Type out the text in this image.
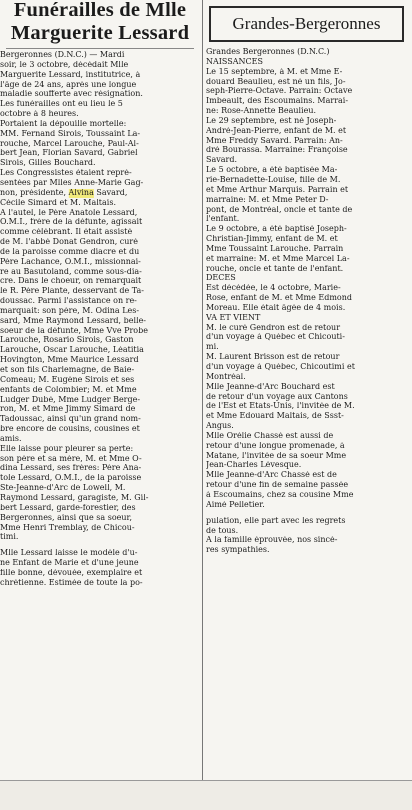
Funérailles de Mlle
Marguerite Lessard
Bergeronnes (D.N.C.) — Mardi
soir, le 3 octobre, décédait Mlle
Marguerite Lessard, institutrice, à
l'âge de 24 ans, après une longue
maladie soufferte avec résignation.
Les funérailles ont eu lieu le 5
octobre à 8 heures.
Portaient la dépouille mortelle:
MM. Fernand Sirois, Toussaint La-
rouche, Marcel Larouche, Paul-Al-
bert Jean, Florian Savard, Gabriel
Sirois, Gilles Bouchard.
Les Congressistes étaient repré-
sentées par Mlles Anne-Marie Gag-
non, présidente, Alvina Savard,
Cécile Simard et M. Maltais.
A l'autel, le Père Anatole Lessard,
O.M.I., frère de la défunte, agissait
comme célébrant. Il était assisté
de M. l'abbé Donat Gendron, curé
de la paroisse comme diacre et du
Père Lachance, O.M.I., missionnai-
re au Basutoland, comme sous-dia-
cre. Dans le choeur, on remarquait
le R. Père Plante, desservant de Ta-
doussac. Parmi l'assistance on re-
marquait: son père, M. Odina Les-
sard, Mme Raymond Lessard, belle-
soeur de la défunte, Mme Vve Probe
Larouche, Rosario Sirois, Gaston
Larouche, Oscar Larouche, Léatitia
Hovington, Mme Maurice Lessard
et son fils Charlemagne, de Baie-
Comeau; M. Eugène Sirois et ses
enfants de Colombier; M. et Mme
Ludger Dubé, Mme Ludger Berge-
ron, M. et Mme Jimmy Simard de
Tadoussac, ainsi qu'un grand nom-
bre encore de cousins, cousines et
amis.
Elle laisse pour pleurer sa perte:
son père et sa mère, M. et Mme O-
dina Lessard, ses frères: Père Ana-
tole Lessard, O.M.I., de la paroisse
Ste-Jeanne-d'Arc de Lowell, M.
Raymond Lessard, garagiste, M. Gil-
bert Lessard, garde-forestier, des
Bergeronnes, ainsi que sa soeur,
Mme Henri Tremblay, de Chicou-
timi.
Mlle Lessard laisse le modèle d'u-
ne Enfant de Marie et d'une jeune
fille bonne, dévouée, exemplaire et
chrétienne. Estimée de toute la po-
Grandes-Bergeronnes
Grandes Bergeronnes (D.N.C.)
NAISSANCES
Le 15 septembre, à M. et Mme E-
douard Beaulieu, est né un fils, Jo-
seph-Pierre-Octave. Parrain: Octave
Imbeault, des Escoumains. Marrai-
ne: Rose-Annette Beaulieu.
Le 29 septembre, est né Joseph-
André-Jean-Pierre, enfant de M. et
Mme Freddy Savard. Parrain: An-
dré Bourassa. Marraine: Françoise
Savard.
Le 5 octobre, a été baptisée Ma-
rie-Bernadette-Louise, fille de M.
et Mme Arthur Marquis. Parrain et
marraine: M. et Mme Peter D-
pont, de Montréal, oncle et tante de
l'enfant.
Le 9 octobre, a été baptisé Joseph-
Christian-Jimmy, enfant de M. et
Mme Toussaint Larouche. Parrain
et marraine: M. et Mme Marcel La-
rouche, oncle et tante de l'enfant.
DECES
Est décédée, le 4 octobre, Marie-
Rose, enfant de M. et Mme Edmond
Moreau. Elle était âgée de 4 mois.
VA ET VIENT
M. le curé Gendron est de retour
d'un voyage à Québec et Chicouti-
mi.
M. Laurent Brisson est de retour
d'un voyage à Québec, Chicoutimi et
Montréal.
Mlle Jeanne-d'Arc Bouchard est
de retour d'un voyage aux Cantons
de l'Est et États-Unis, l'invitée de M.
et Mme Edouard Maltais, de Ssst-
Angus.
Mlle Orélie Chassé est aussi de
retour d'une longue promenade, à
Matane, l'invitée de sa soeur Mme
Jean-Charles Lévesque.
Mlle Jeanne-d'Arc Chassé est de
retour d'une fin de semaine passée
à Escoumains, chez sa cousine Mme
Aimé Pelletier.
pulation, elle part avec les regrets
de tous.
A la famille éprouvée, nos sincè-
res sympathies.
